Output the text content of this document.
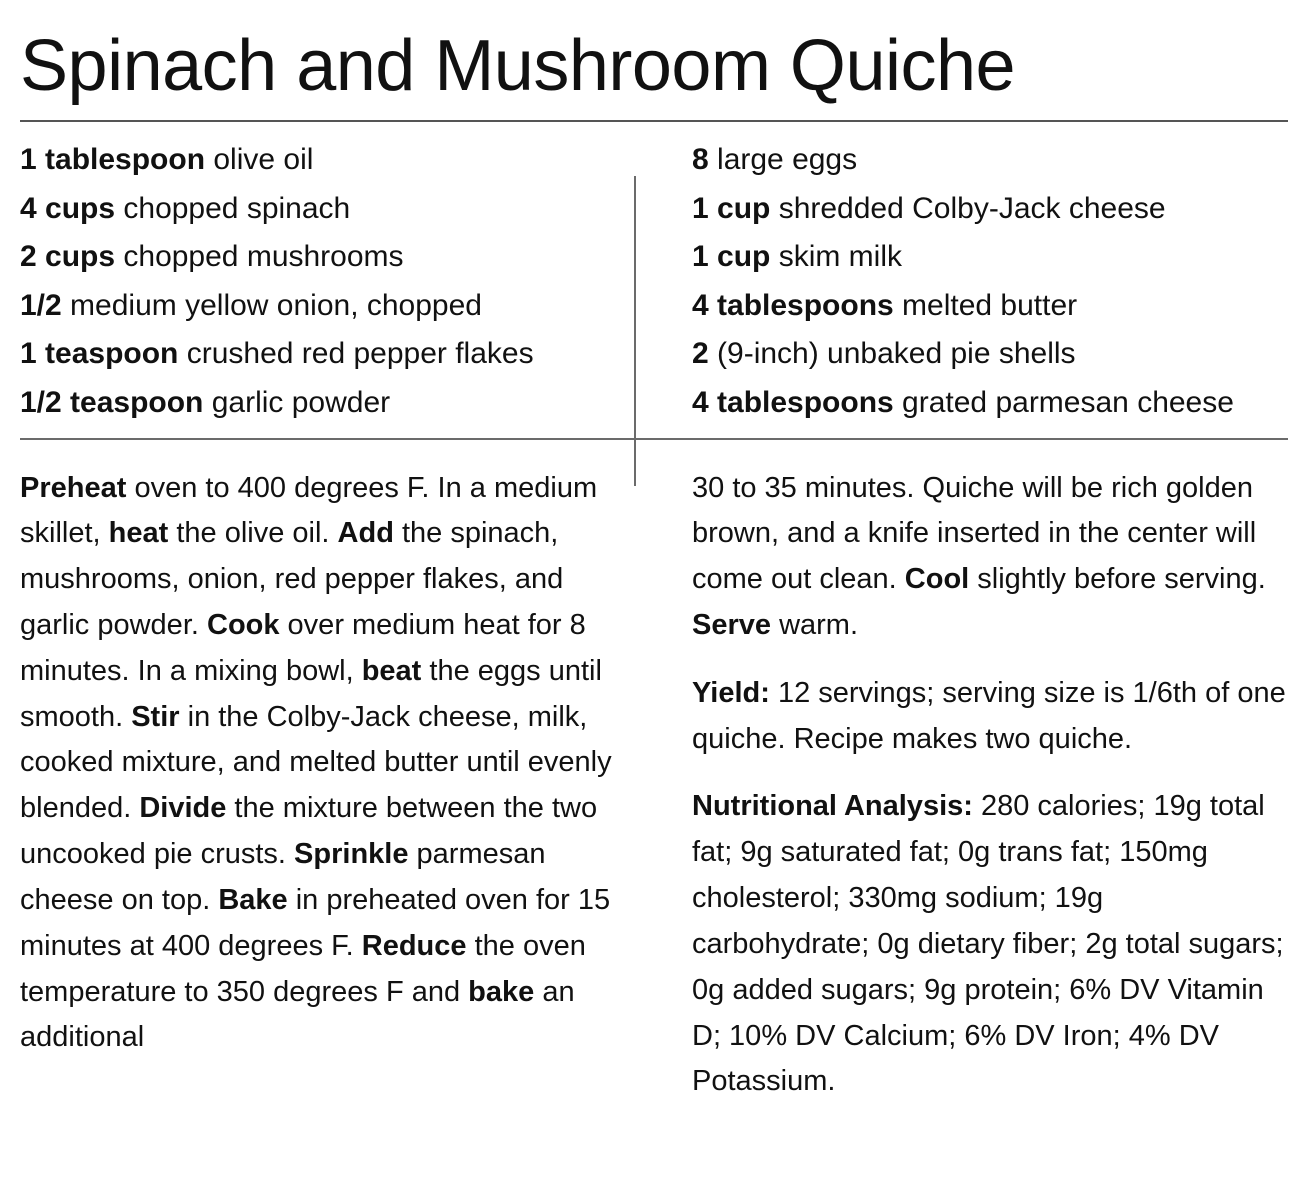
Spinach and Mushroom Quiche
1 tablespoon olive oil
4 cups chopped spinach
2 cups chopped mushrooms
1/2 medium yellow onion, chopped
1 teaspoon crushed red pepper flakes
1/2 teaspoon garlic powder
8 large eggs
1 cup shredded Colby-Jack cheese
1 cup skim milk
4 tablespoons melted butter
2 (9-inch) unbaked pie shells
4 tablespoons grated parmesan cheese

Preheat oven to 400 degrees F. In a medium skillet, heat the olive oil. Add the spinach, mushrooms, onion, red pepper flakes, and garlic powder. Cook over medium heat for 8 minutes. In a mixing bowl, beat the eggs until smooth. Stir in the Colby-Jack cheese, milk, cooked mixture, and melted butter until evenly blended. Divide the mixture between the two uncooked pie crusts. Sprinkle parmesan cheese on top. Bake in preheated oven for 15 minutes at 400 degrees F. Reduce the oven temperature to 350 degrees F and bake an additional

30 to 35 minutes. Quiche will be rich golden brown, and a knife inserted in the center will come out clean. Cool slightly before serving. Serve warm.

Yield: 12 servings; serving size is 1/6th of one quiche. Recipe makes two quiche.

Nutritional Analysis: 280 calories; 19g total fat; 9g saturated fat; 0g trans fat; 150mg cholesterol; 330mg sodium; 19g carbohydrate; 0g dietary fiber; 2g total sugars; 0g added sugars; 9g protein; 6% DV Vitamin D; 10% DV Calcium; 6% DV Iron; 4% DV Potassium.
